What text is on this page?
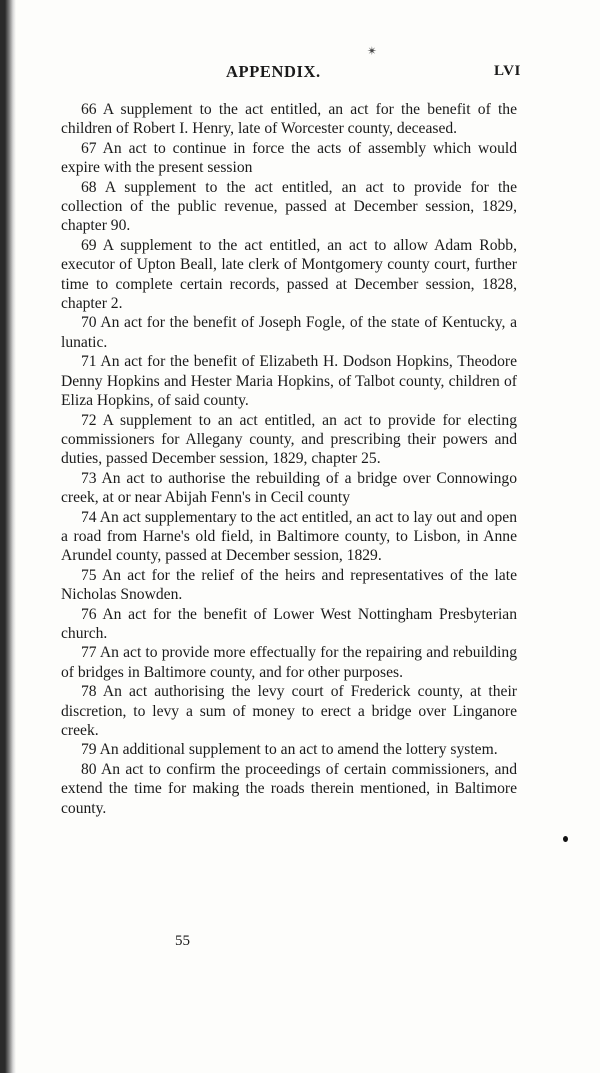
✴
APPENDIX.	LVI

66 A supplement to the act entitled, an act for the benefit of the children of Robert I. Henry, late of Worcester county, deceased.

67 An act to continue in force the acts of assembly which would expire with the present session

68 A supplement to the act entitled, an act to provide for the collection of the public revenue, passed at December session, 1829, chapter 90.

69 A supplement to the act entitled, an act to allow Adam Robb, executor of Upton Beall, late clerk of Montgomery county court, further time to complete certain records, passed at December session, 1828, chapter 2.

70 An act for the benefit of Joseph Fogle, of the state of Kentucky, a lunatic.

71 An act for the benefit of Elizabeth H. Dodson Hopkins, Theodore Denny Hopkins and Hester Maria Hopkins, of Talbot county, children of Eliza Hopkins, of said county.

72 A supplement to an act entitled, an act to provide for electing commissioners for Allegany county, and prescribing their powers and duties, passed December session, 1829, chapter 25.

73 An act to authorise the rebuilding of a bridge over Connowingo creek, at or near Abijah Fenn's in Cecil county

74 An act supplementary to the act entitled, an act to lay out and open a road from Harne's old field, in Baltimore county, to Lisbon, in Anne Arundel county, passed at December session, 1829.

75 An act for the relief of the heirs and representatives of the late Nicholas Snowden.

76 An act for the benefit of Lower West Nottingham Presbyterian church.

77 An act to provide more effectually for the repairing and rebuilding of bridges in Baltimore county, and for other purposes.

78 An act authorising the levy court of Frederick county, at their discretion, to levy a sum of money to erect a bridge over Linganore creek.

79 An additional supplement to an act to amend the lottery system.

80 An act to confirm the proceedings of certain commissioners, and extend the time for making the roads therein mentioned, in Baltimore county.

55
